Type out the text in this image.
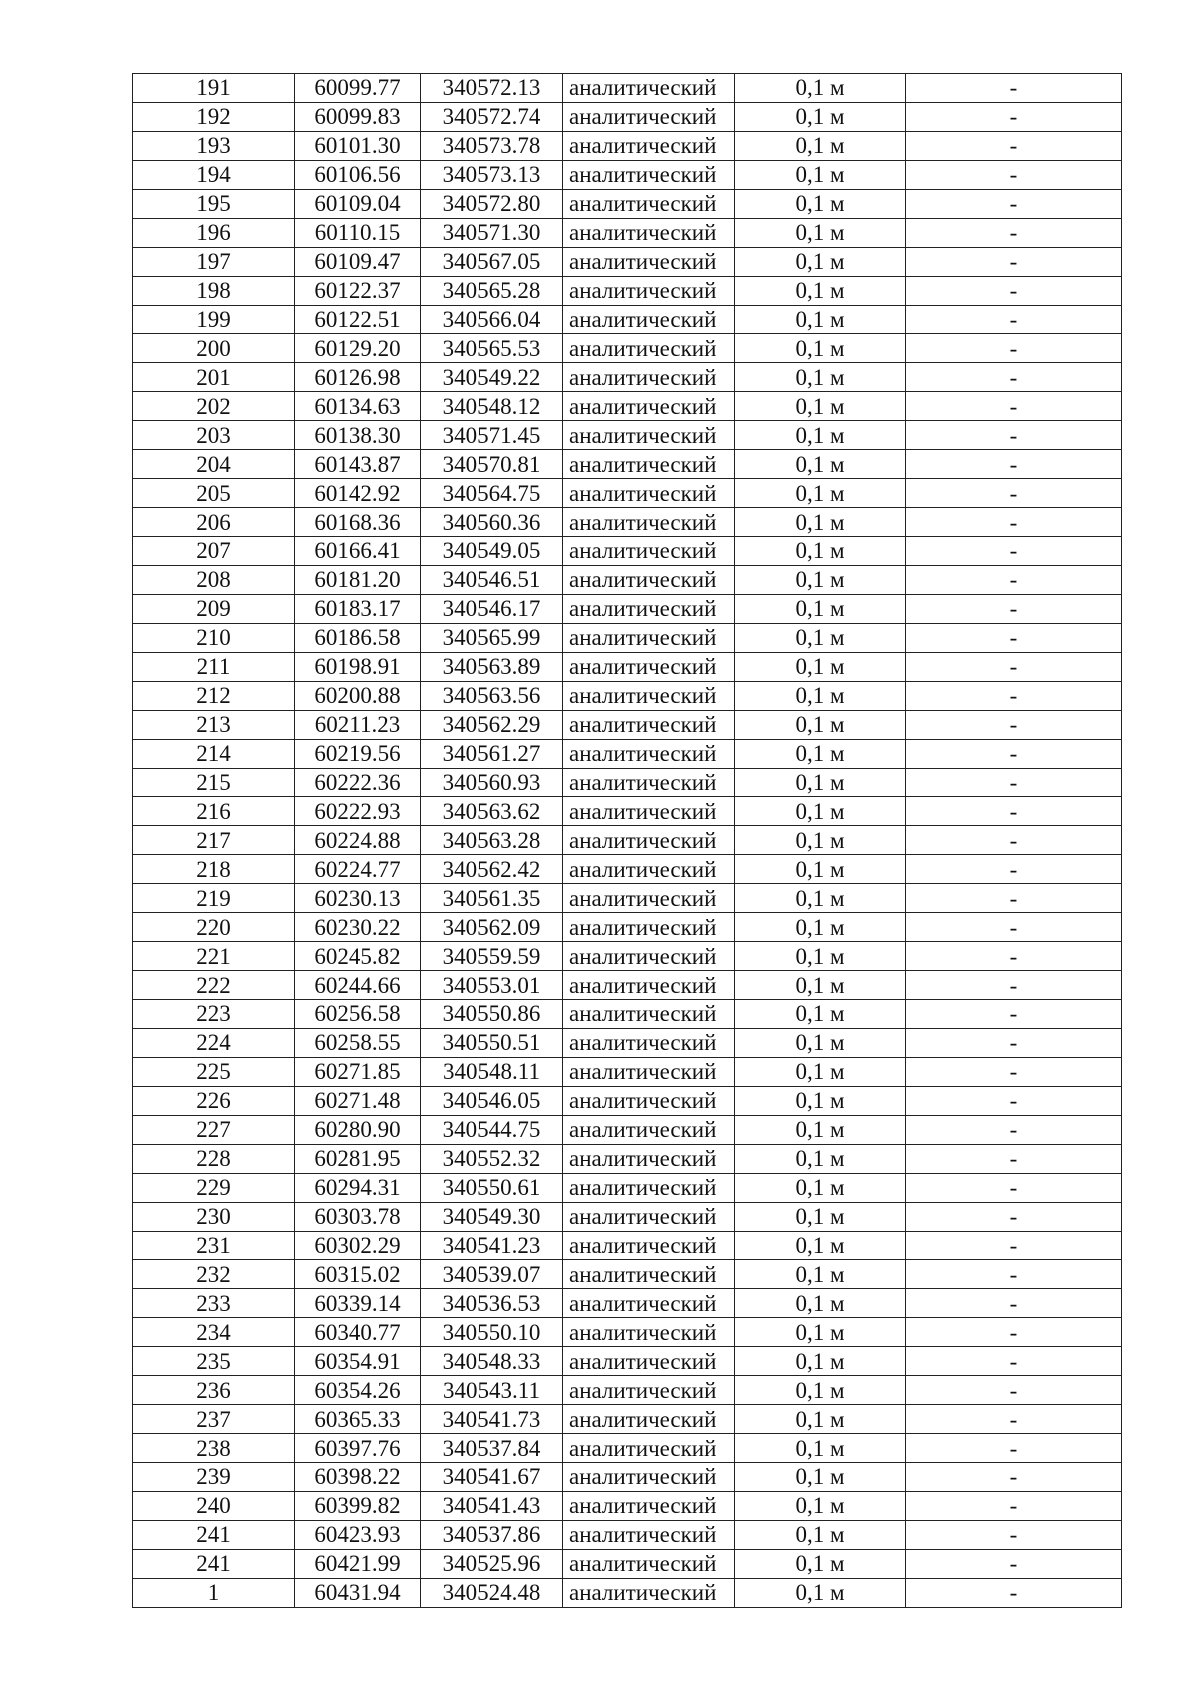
191	60099.77	340572.13	аналитический	0,1 м	-
192	60099.83	340572.74	аналитический	0,1 м	-
193	60101.30	340573.78	аналитический	0,1 м	-
194	60106.56	340573.13	аналитический	0,1 м	-
195	60109.04	340572.80	аналитический	0,1 м	-
196	60110.15	340571.30	аналитический	0,1 м	-
197	60109.47	340567.05	аналитический	0,1 м	-
198	60122.37	340565.28	аналитический	0,1 м	-
199	60122.51	340566.04	аналитический	0,1 м	-
200	60129.20	340565.53	аналитический	0,1 м	-
201	60126.98	340549.22	аналитический	0,1 м	-
202	60134.63	340548.12	аналитический	0,1 м	-
203	60138.30	340571.45	аналитический	0,1 м	-
204	60143.87	340570.81	аналитический	0,1 м	-
205	60142.92	340564.75	аналитический	0,1 м	-
206	60168.36	340560.36	аналитический	0,1 м	-
207	60166.41	340549.05	аналитический	0,1 м	-
208	60181.20	340546.51	аналитический	0,1 м	-
209	60183.17	340546.17	аналитический	0,1 м	-
210	60186.58	340565.99	аналитический	0,1 м	-
211	60198.91	340563.89	аналитический	0,1 м	-
212	60200.88	340563.56	аналитический	0,1 м	-
213	60211.23	340562.29	аналитический	0,1 м	-
214	60219.56	340561.27	аналитический	0,1 м	-
215	60222.36	340560.93	аналитический	0,1 м	-
216	60222.93	340563.62	аналитический	0,1 м	-
217	60224.88	340563.28	аналитический	0,1 м	-
218	60224.77	340562.42	аналитический	0,1 м	-
219	60230.13	340561.35	аналитический	0,1 м	-
220	60230.22	340562.09	аналитический	0,1 м	-
221	60245.82	340559.59	аналитический	0,1 м	-
222	60244.66	340553.01	аналитический	0,1 м	-
223	60256.58	340550.86	аналитический	0,1 м	-
224	60258.55	340550.51	аналитический	0,1 м	-
225	60271.85	340548.11	аналитический	0,1 м	-
226	60271.48	340546.05	аналитический	0,1 м	-
227	60280.90	340544.75	аналитический	0,1 м	-
228	60281.95	340552.32	аналитический	0,1 м	-
229	60294.31	340550.61	аналитический	0,1 м	-
230	60303.78	340549.30	аналитический	0,1 м	-
231	60302.29	340541.23	аналитический	0,1 м	-
232	60315.02	340539.07	аналитический	0,1 м	-
233	60339.14	340536.53	аналитический	0,1 м	-
234	60340.77	340550.10	аналитический	0,1 м	-
235	60354.91	340548.33	аналитический	0,1 м	-
236	60354.26	340543.11	аналитический	0,1 м	-
237	60365.33	340541.73	аналитический	0,1 м	-
238	60397.76	340537.84	аналитический	0,1 м	-
239	60398.22	340541.67	аналитический	0,1 м	-
240	60399.82	340541.43	аналитический	0,1 м	-
241	60423.93	340537.86	аналитический	0,1 м	-
241	60421.99	340525.96	аналитический	0,1 м	-
1	60431.94	340524.48	аналитический	0,1 м	-
